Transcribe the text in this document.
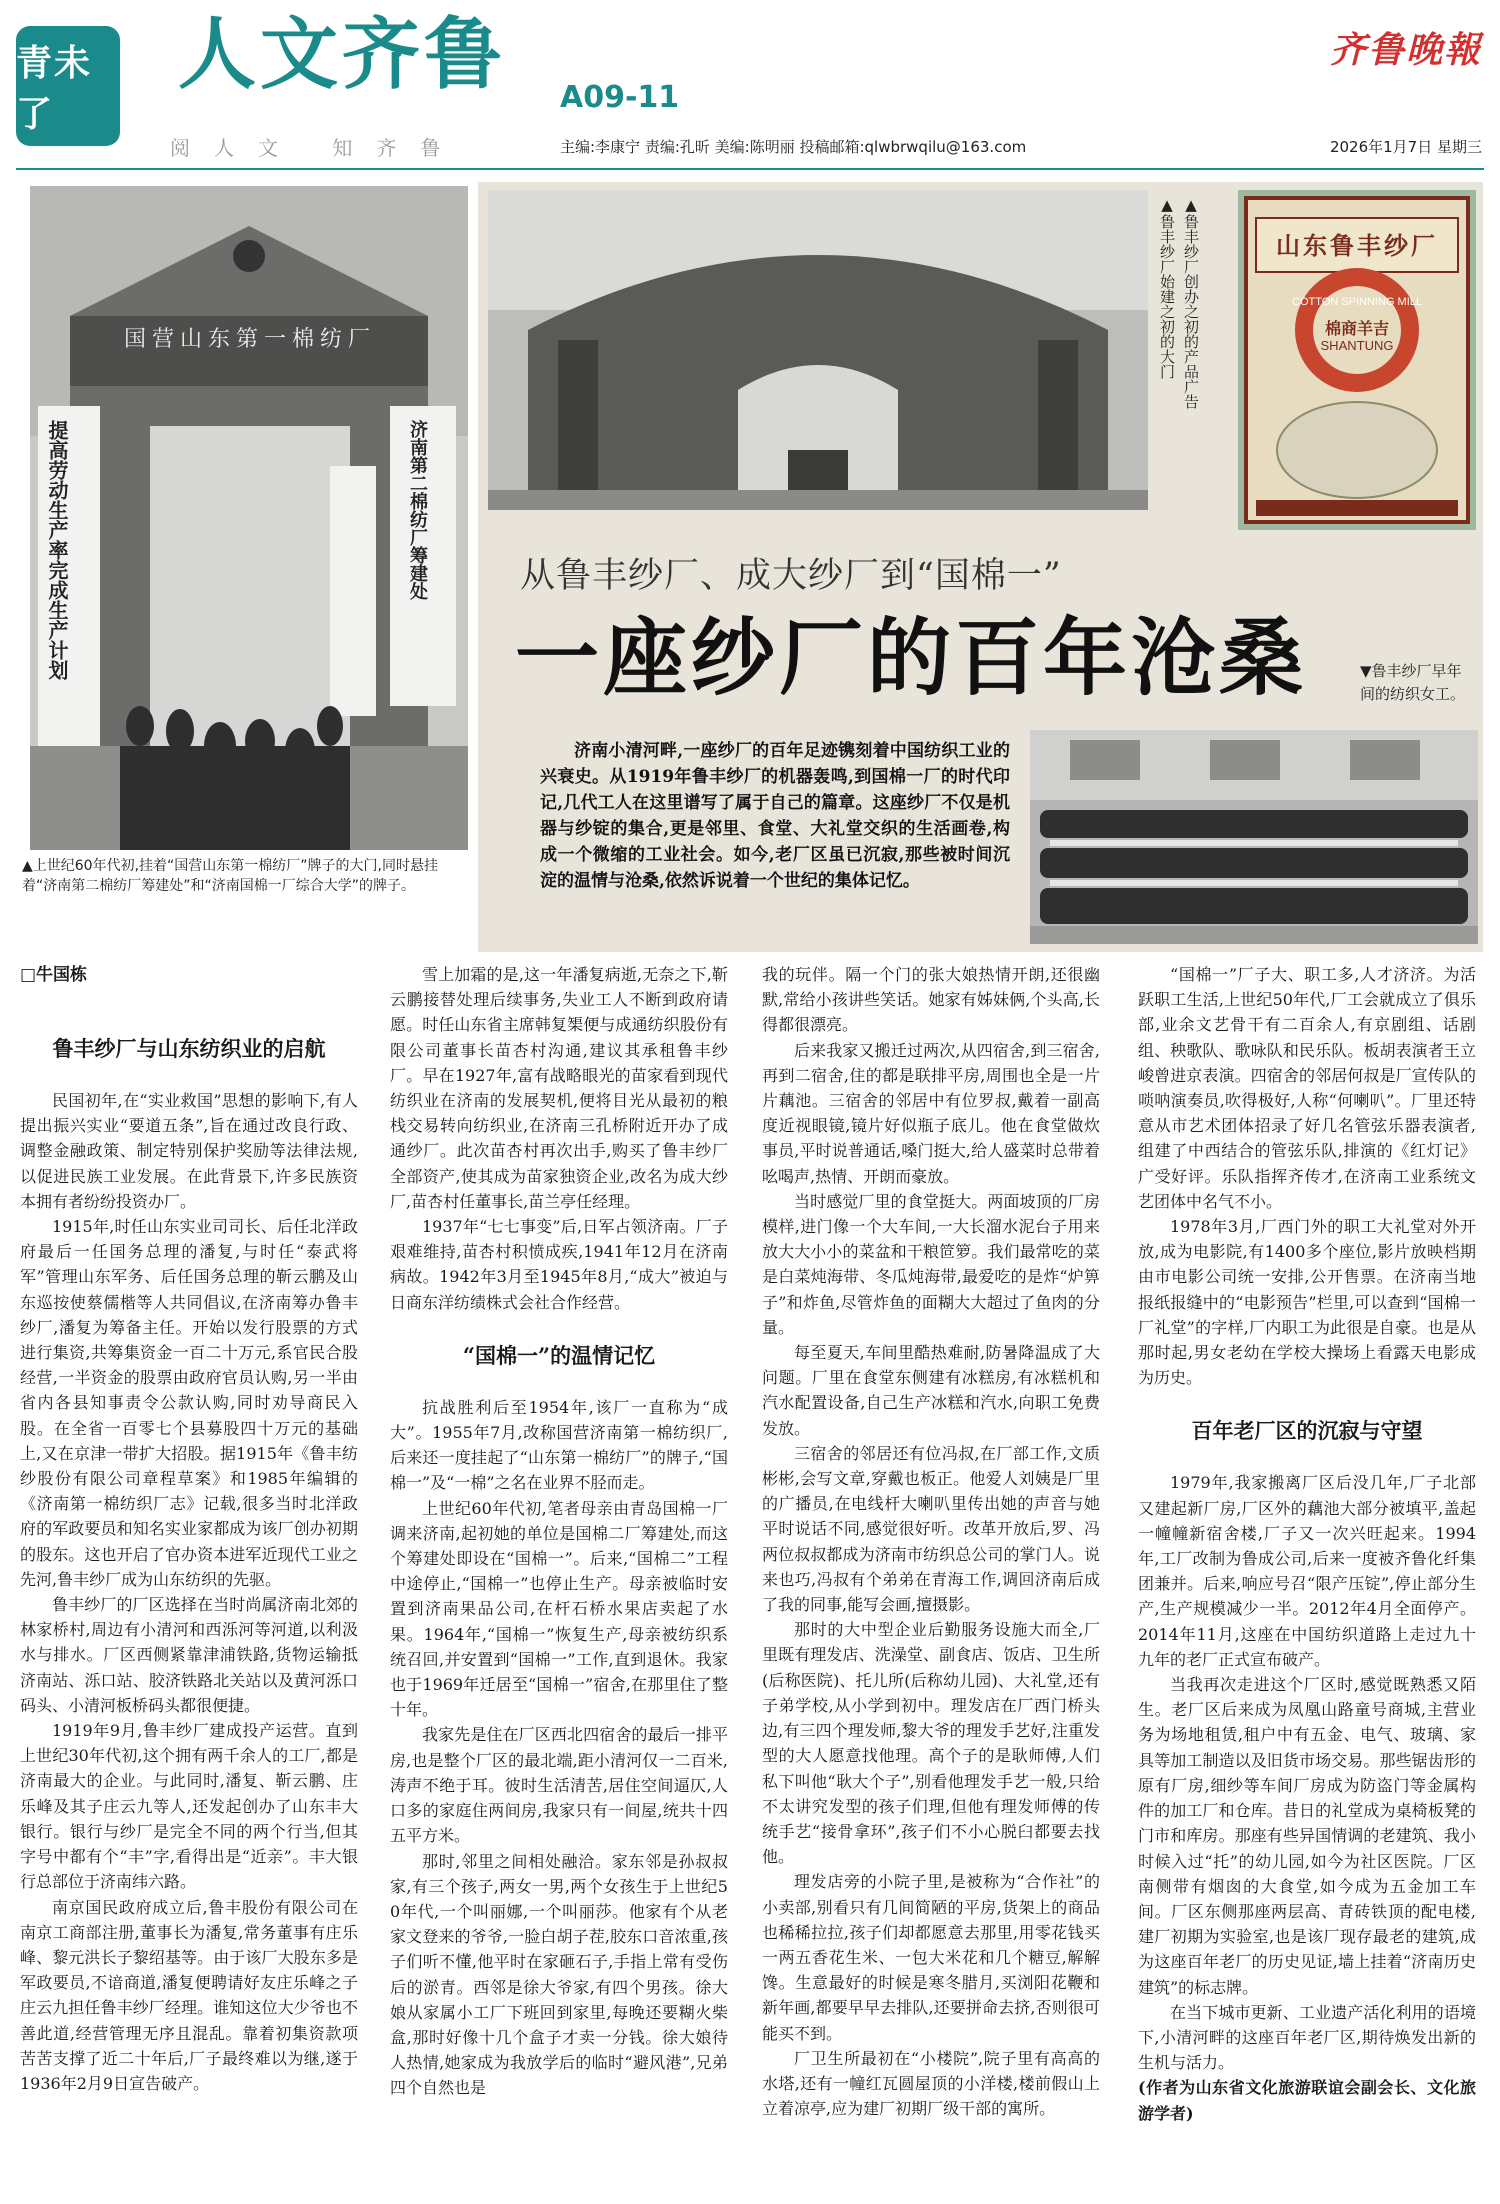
青未了
人文齐鲁 A09-11
齐鲁晚報
阅人文 知齐鲁	主编:李康宁 责编:孔昕 美编:陈明丽 投稿邮箱:qlwbrwqilu@163.com	2026年1月7日 星期三
国营山东第一棉纺厂
提高劳动生产率完成生产计划	济南第二棉纺厂筹建处
▲上世纪60年代初,挂着“国营山东第一棉纺厂”牌子的大门,同时悬挂着“济南第二棉纺厂筹建处”和“济南国棉一厂综合大学”的牌子。
▲鲁丰纱厂始建之初的大门 ▲鲁丰纱厂创办之初的产品广告	山东鲁丰纱厂
COTTON SPINNING MILL
棉商羊吉
SHANTUNG
从鲁丰纱厂、成大纱厂到“国棉一”
一座纱厂的百年沧桑	▼鲁丰纱厂早年间的纺织女工。
济南小清河畔,一座纱厂的百年足迹镌刻着中国纺织工业的兴衰史。从1919年鲁丰纱厂的机器轰鸣,到国棉一厂的时代印记,几代工人在这里谱写了属于自己的篇章。这座纱厂不仅是机器与纱锭的集合,更是邻里、食堂、大礼堂交织的生活画卷,构成一个微缩的工业社会。如今,老厂区虽已沉寂,那些被时间沉淀的温情与沧桑,依然诉说着一个世纪的集体记忆。
□牛国栋
鲁丰纱厂与山东纺织业的启航

民国初年,在“实业救国”思想的影响下,有人提出振兴实业“要道五条”,旨在通过改良行政、调整金融政策、制定特别保护奖励等法律法规,以促进民族工业发展。在此背景下,许多民族资本拥有者纷纷投资办厂。

1915年,时任山东实业司司长、后任北洋政府最后一任国务总理的潘复,与时任“泰武将军”管理山东军务、后任国务总理的靳云鹏及山东巡按使蔡儒楷等人共同倡议,在济南筹办鲁丰纱厂,潘复为筹备主任。开始以发行股票的方式进行集资,共筹集资金一百二十万元,系官民合股经营,一半资金的股票由政府官员认购,另一半由省内各县知事责令公款认购,同时劝导商民入股。在全省一百零七个县募股四十万元的基础上,又在京津一带扩大招股。据1915年《鲁丰纺纱股份有限公司章程草案》和1985年编辑的《济南第一棉纺织厂志》记载,很多当时北洋政府的军政要员和知名实业家都成为该厂创办初期的股东。这也开启了官办资本进军近现代工业之先河,鲁丰纱厂成为山东纺织的先驱。

鲁丰纱厂的厂区选择在当时尚属济南北郊的林家桥村,周边有小清河和西泺河等河道,以利汲水与排水。厂区西侧紧靠津浦铁路,货物运输抵济南站、泺口站、胶济铁路北关站以及黄河泺口码头、小清河板桥码头都很便捷。

1919年9月,鲁丰纱厂建成投产运营。直到上世纪30年代初,这个拥有两千余人的工厂,都是济南最大的企业。与此同时,潘复、靳云鹏、庄乐峰及其子庄云九等人,还发起创办了山东丰大银行。银行与纱厂是完全不同的两个行当,但其字号中都有个“丰”字,看得出是“近亲”。丰大银行总部位于济南纬六路。

南京国民政府成立后,鲁丰股份有限公司在南京工商部注册,董事长为潘复,常务董事有庄乐峰、黎元洪长子黎绍基等。由于该厂大股东多是军政要员,不谙商道,潘复便聘请好友庄乐峰之子庄云九担任鲁丰纱厂经理。谁知这位大少爷也不善此道,经营管理无序且混乱。靠着初集资款项苦苦支撑了近二十年后,厂子最终难以为继,遂于1936年2月9日宣告破产。

雪上加霜的是,这一年潘复病逝,无奈之下,靳云鹏接替处理后续事务,失业工人不断到政府请愿。时任山东省主席韩复榘便与成通纺织股份有限公司董事长苗杏村沟通,建议其承租鲁丰纱厂。早在1927年,富有战略眼光的苗家看到现代纺织业在济南的发展契机,便将目光从最初的粮栈交易转向纺织业,在济南三孔桥附近开办了成通纱厂。此次苗杏村再次出手,购买了鲁丰纱厂全部资产,使其成为苗家独资企业,改名为成大纱厂,苗杏村任董事长,苗兰亭任经理。

1937年“七七事变”后,日军占领济南。厂子艰难维持,苗杏村积愤成疾,1941年12月在济南病故。1942年3月至1945年8月,“成大”被迫与日商东洋纺绩株式会社合作经营。

“国棉一”的温情记忆

抗战胜利后至1954年,该厂一直称为“成大”。1955年7月,改称国营济南第一棉纺织厂,后来还一度挂起了“山东第一棉纺厂”的牌子,“国棉一”及“一棉”之名在业界不胫而走。

上世纪60年代初,笔者母亲由青岛国棉一厂调来济南,起初她的单位是国棉二厂筹建处,而这个筹建处即设在“国棉一”。后来,“国棉二”工程中途停止,“国棉一”也停止生产。母亲被临时安置到济南果品公司,在杆石桥水果店卖起了水果。1964年,“国棉一”恢复生产,母亲被纺织系统召回,并安置到“国棉一”工作,直到退休。我家也于1969年迁居至“国棉一”宿舍,在那里住了整十年。

我家先是住在厂区西北四宿舍的最后一排平房,也是整个厂区的最北端,距小清河仅一二百米,涛声不绝于耳。彼时生活清苦,居住空间逼仄,人口多的家庭住两间房,我家只有一间屋,统共十四五平方米。

那时,邻里之间相处融洽。家东邻是孙叔叔家,有三个孩子,两女一男,两个女孩生于上世纪50年代,一个叫丽娜,一个叫丽莎。他家有个从老家文登来的爷爷,一脸白胡子茬,胶东口音浓重,孩子们听不懂,他平时在家砸石子,手指上常有受伤后的淤青。西邻是徐大爷家,有四个男孩。徐大娘从家属小工厂下班回到家里,每晚还要糊火柴盒,那时好像十几个盒子才卖一分钱。徐大娘待人热情,她家成为我放学后的临时“避风港”,兄弟四个自然也是

我的玩伴。隔一个门的张大娘热情开朗,还很幽默,常给小孩讲些笑话。她家有姊妹俩,个头高,长得都很漂亮。

后来我家又搬迁过两次,从四宿舍,到三宿舍,再到二宿舍,住的都是联排平房,周围也全是一片片藕池。三宿舍的邻居中有位罗叔,戴着一副高度近视眼镜,镜片好似瓶子底儿。他在食堂做炊事员,平时说普通话,嗓门挺大,给人盛菜时总带着吆喝声,热情、开朗而豪放。

当时感觉厂里的食堂挺大。两面坡顶的厂房模样,进门像一个大车间,一大长溜水泥台子用来放大大小小的菜盆和干粮笸箩。我们最常吃的菜是白菜炖海带、冬瓜炖海带,最爱吃的是炸“炉箅子”和炸鱼,尽管炸鱼的面糊大大超过了鱼肉的分量。

每至夏天,车间里酷热难耐,防暑降温成了大问题。厂里在食堂东侧建有冰糕房,有冰糕机和汽水配置设备,自己生产冰糕和汽水,向职工免费发放。

三宿舍的邻居还有位冯叔,在厂部工作,文质彬彬,会写文章,穿戴也板正。他爱人刘姨是厂里的广播员,在电线杆大喇叭里传出她的声音与她平时说话不同,感觉很好听。改革开放后,罗、冯两位叔叔都成为济南市纺织总公司的掌门人。说来也巧,冯叔有个弟弟在青海工作,调回济南后成了我的同事,能写会画,擅摄影。

那时的大中型企业后勤服务设施大而全,厂里既有理发店、洗澡堂、副食店、饭店、卫生所(后称医院)、托儿所(后称幼儿园)、大礼堂,还有子弟学校,从小学到初中。理发店在厂西门桥头边,有三四个理发师,黎大爷的理发手艺好,注重发型的大人愿意找他理。高个子的是耿师傅,人们私下叫他“耿大个子”,别看他理发手艺一般,只给不太讲究发型的孩子们理,但他有理发师傅的传统手艺“接骨拿环”,孩子们不小心脱臼都要去找他。

理发店旁的小院子里,是被称为“合作社”的小卖部,别看只有几间简陋的平房,货架上的商品也稀稀拉拉,孩子们却都愿意去那里,用零花钱买一两五香花生米、一包大米花和几个糖豆,解解馋。生意最好的时候是寒冬腊月,买浏阳花鞭和新年画,都要早早去排队,还要拼命去挤,否则很可能买不到。

厂卫生所最初在“小楼院”,院子里有高高的水塔,还有一幢红瓦圆屋顶的小洋楼,楼前假山上立着凉亭,应为建厂初期厂级干部的寓所。

“国棉一”厂子大、职工多,人才济济。为活跃职工生活,上世纪50年代,厂工会就成立了俱乐部,业余文艺骨干有二百余人,有京剧组、话剧组、秧歌队、歌咏队和民乐队。板胡表演者王立峻曾进京表演。四宿舍的邻居何叔是厂宣传队的唢呐演奏员,吹得极好,人称“何喇叭”。厂里还特意从市艺术团体招录了好几名管弦乐器表演者,组建了中西结合的管弦乐队,排演的《红灯记》广受好评。乐队指挥齐传才,在济南工业系统文艺团体中名气不小。

1978年3月,厂西门外的职工大礼堂对外开放,成为电影院,有1400多个座位,影片放映档期由市电影公司统一安排,公开售票。在济南当地报纸报缝中的“电影预告”栏里,可以查到“国棉一厂礼堂”的字样,厂内职工为此很是自豪。也是从那时起,男女老幼在学校大操场上看露天电影成为历史。

百年老厂区的沉寂与守望

1979年,我家搬离厂区后没几年,厂子北部又建起新厂房,厂区外的藕池大部分被填平,盖起一幢幢新宿舍楼,厂子又一次兴旺起来。1994年,工厂改制为鲁成公司,后来一度被齐鲁化纤集团兼并。后来,响应号召“限产压锭”,停止部分生产,生产规模减少一半。2012年4月全面停产。2014年11月,这座在中国纺织道路上走过九十九年的老厂正式宣布破产。

当我再次走进这个厂区时,感觉既熟悉又陌生。老厂区后来成为凤凰山路童号商城,主营业务为场地租赁,租户中有五金、电气、玻璃、家具等加工制造以及旧货市场交易。那些锯齿形的原有厂房,细纱等车间厂房成为防盗门等金属构件的加工厂和仓库。昔日的礼堂成为桌椅板凳的门市和库房。那座有些异国情调的老建筑、我小时候入过“托”的幼儿园,如今为社区医院。厂区南侧带有烟囱的大食堂,如今成为五金加工车间。厂区东侧那座两层高、青砖铁顶的配电楼,建厂初期为实验室,也是该厂现存最老的建筑,成为这座百年老厂的历史见证,墙上挂着“济南历史建筑”的标志牌。

在当下城市更新、工业遗产活化利用的语境下,小清河畔的这座百年老厂区,期待焕发出新的生机与活力。

(作者为山东省文化旅游联谊会副会长、文化旅游学者)
